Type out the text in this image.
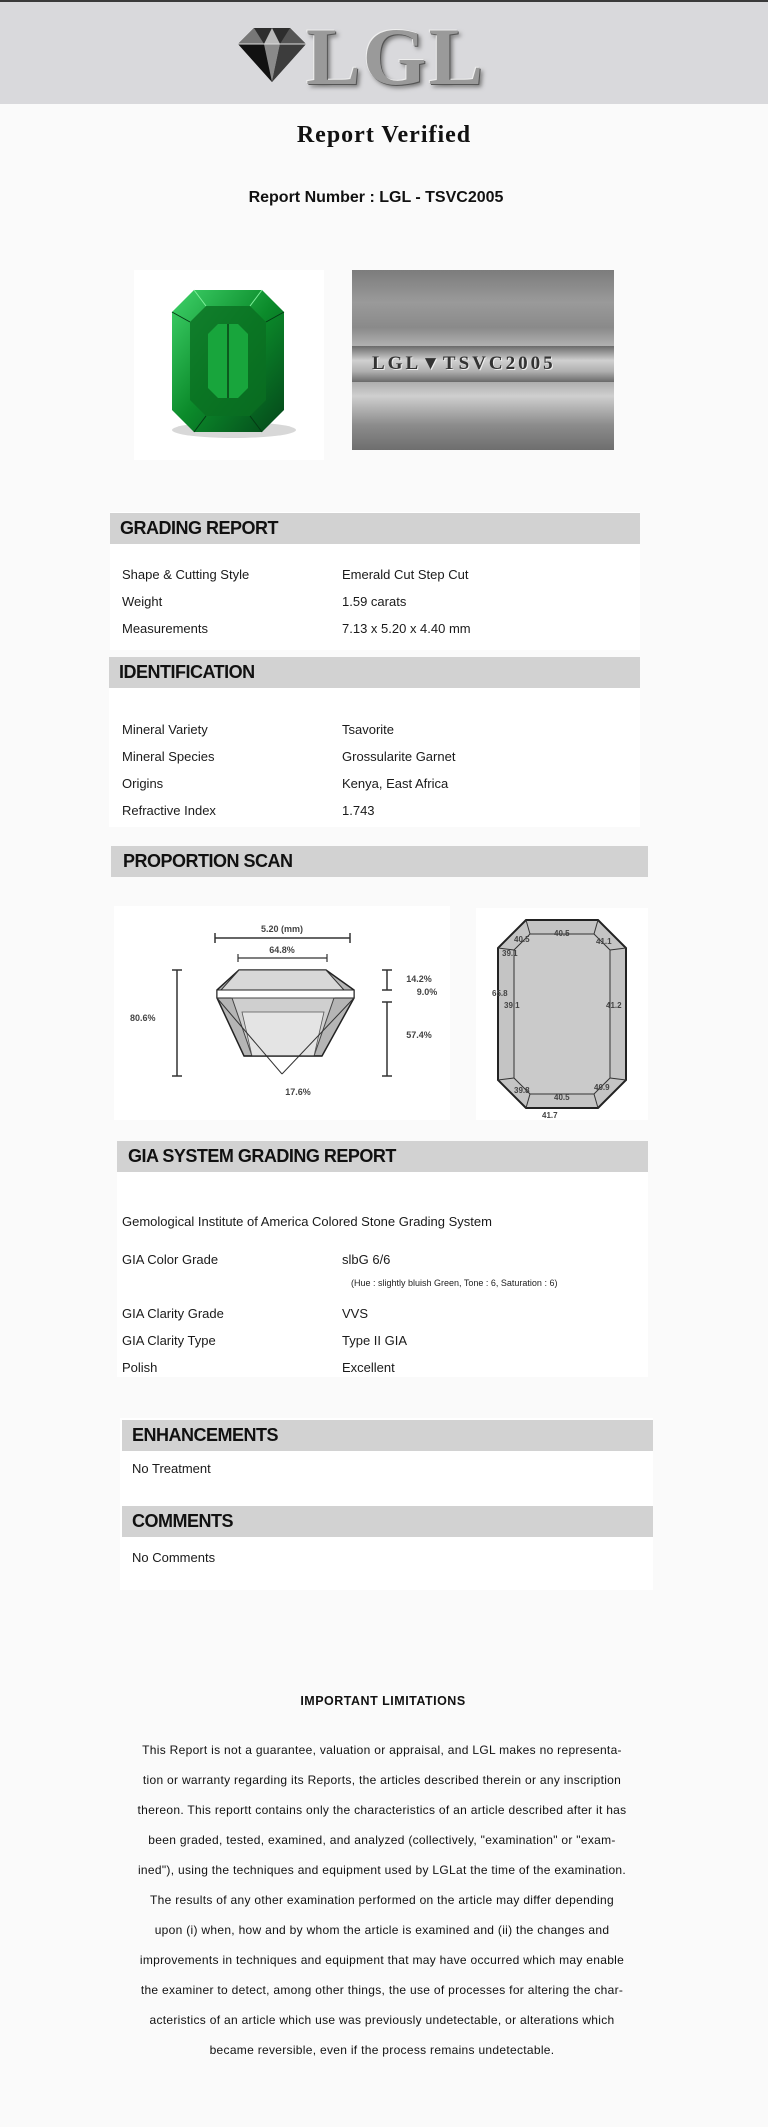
LGL
Report Verified
Report Number : LGL - TSVC2005
LGL▼TSVC2005
GRADING REPORT
Shape & Cutting Style	Emerald Cut Step Cut
Weight	1.59 carats
Measurements	7.13 x 5.20 x 4.40 mm
IDENTIFICATION
Mineral Variety	Tsavorite
Mineral Species	Grossularite Garnet
Origins	Kenya, East Africa
Refractive Index	1.743
PROPORTION SCAN
5.20 (mm)
64.8%
80.6%
14.2%
9.0%
57.4%
17.6%
40.5
40.5
41.1
39.1
65.8
39.1	41.2
39.8
40.5
40.9
41.7
GIA SYSTEM GRADING REPORT
Gemological Institute of America Colored Stone Grading System
GIA Color Grade	slbG 6/6
(Hue : slightly bluish Green, Tone : 6, Saturation : 6)
GIA Clarity Grade	VVS
GIA Clarity Type	Type II GIA
Polish	Excellent
ENHANCEMENTS
No Treatment
COMMENTS
No Comments
IMPORTANT LIMITATIONS
This Report is not a guarantee, valuation or appraisal, and LGL makes no representa-
tion or warranty regarding its Reports, the articles described therein or any inscription
thereon. This reportt contains only the characteristics of an article described after it has
been graded, tested, examined, and analyzed (collectively, "examination" or "exam-
ined"), using the techniques and equipment used by LGLat the time of the examination.
The results of any other examination performed on the article may differ depending
upon (i) when, how and by whom the article is examined and (ii) the changes and
improvements in techniques and equipment that may have occurred which may enable
the examiner to detect, among other things, the use of processes for altering the char-
acteristics of an article which use was previously undetectable, or alterations which
became reversible, even if the process remains undetectable.
